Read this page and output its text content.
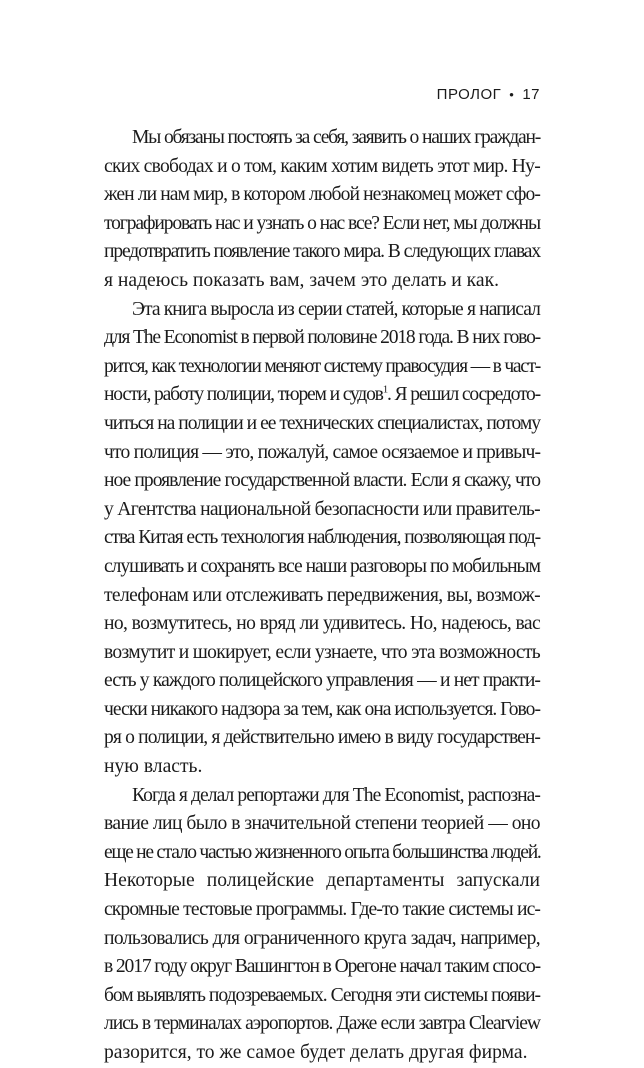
ПРОЛОГ • 17
Мы обязаны постоять за себя, заявить о наших граждан-
ских свободах и о том, каким хотим видеть этот мир. Ну-
жен ли нам мир, в котором любой незнакомец может сфо-
тографировать нас и узнать о нас все? Если нет, мы должны
предотвратить появление такого мира. В следующих главах
я надеюсь показать вам, зачем это делать и как.
Эта книга выросла из серии статей, которые я написал
для The Economist в первой половине 2018 года. В них гово-
рится, как технологии меняют систему правосудия — в част-
ности, работу полиции, тюрем и судов$^1$. Я решил сосредото-
читься на полиции и ее технических специалистах, потому
что полиция — это, пожалуй, самое осязаемое и привыч-
ное проявление государственной власти. Если я скажу, что
у Агентства национальной безопасности или правитель-
ства Китая есть технология наблюдения, позволяющая под-
слушивать и сохранять все наши разговоры по мобильным
телефонам или отслеживать передвижения, вы, возмож-
но, возмутитесь, но вряд ли удивитесь. Но, надеюсь, вас
возмутит и шокирует, если узнаете, что эта возможность
есть у каждого полицейского управления — и нет практи-
чески никакого надзора за тем, как она используется. Гово-
ря о полиции, я действительно имею в виду государствен-
ную власть.
Когда я делал репортажи для The Economist, распозна-
вание лиц было в значительной степени теорией — оно
еще не стало частью жизненного опыта большинства людей.
Некоторые полицейские департаменты запускали
скромные тестовые программы. Где-то такие системы ис-
пользовались для ограниченного круга задач, например,
в 2017 году округ Вашингтон в Орегоне начал таким спосо-
бом выявлять подозреваемых. Сегодня эти системы появи-
лись в терминалах аэропортов. Даже если завтра Clearview
разорится, то же самое будет делать другая фирма.
